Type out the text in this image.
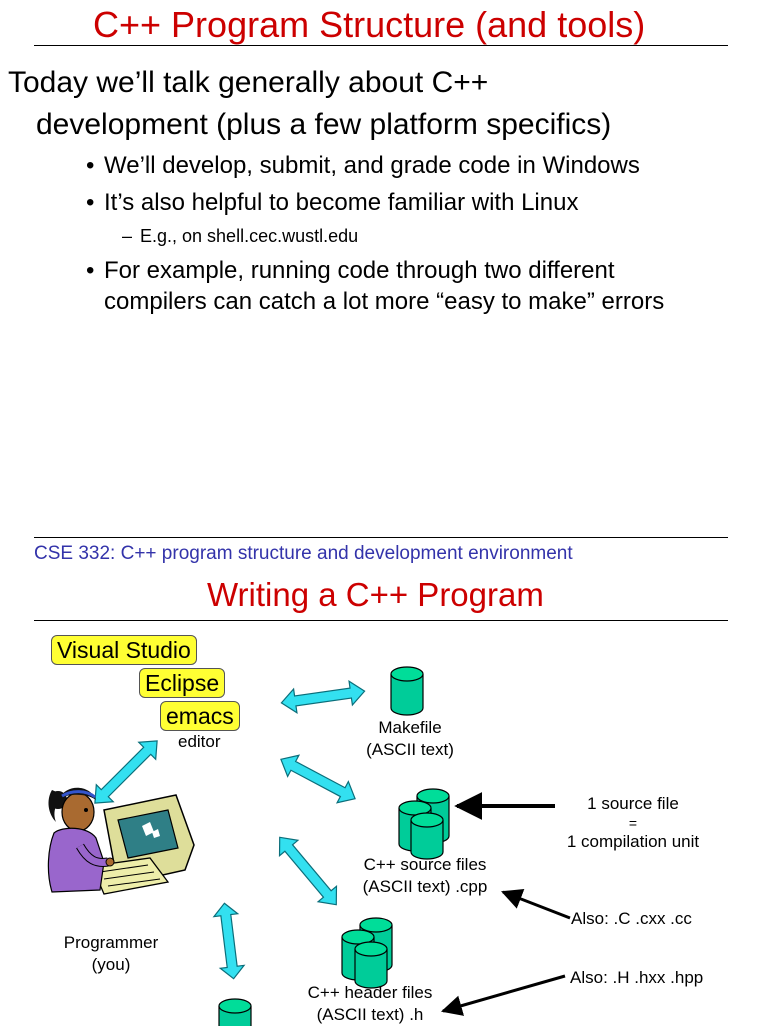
C++ Program Structure (and tools)
Today we’ll talk generally about C++
development (plus a few platform specifics)
• We’ll develop, submit, and grade code in Windows
• It’s also helpful to become familiar with Linux
– E.g., on shell.cec.wustl.edu
• For example, running code through two different
compilers can catch a lot more “easy to make” errors
CSE 332: C++ program structure and development environment
Writing a C++ Program
Visual Studio
Eclipse
emacs
editor
Makefile
(ASCII text)
C++ source files
(ASCII text) .cpp
C++ header files
(ASCII text) .h
Programmer
(you)
1 source file
=
1 compilation unit
Also: .C .cxx .cc
Also: .H .hxx .hpp
